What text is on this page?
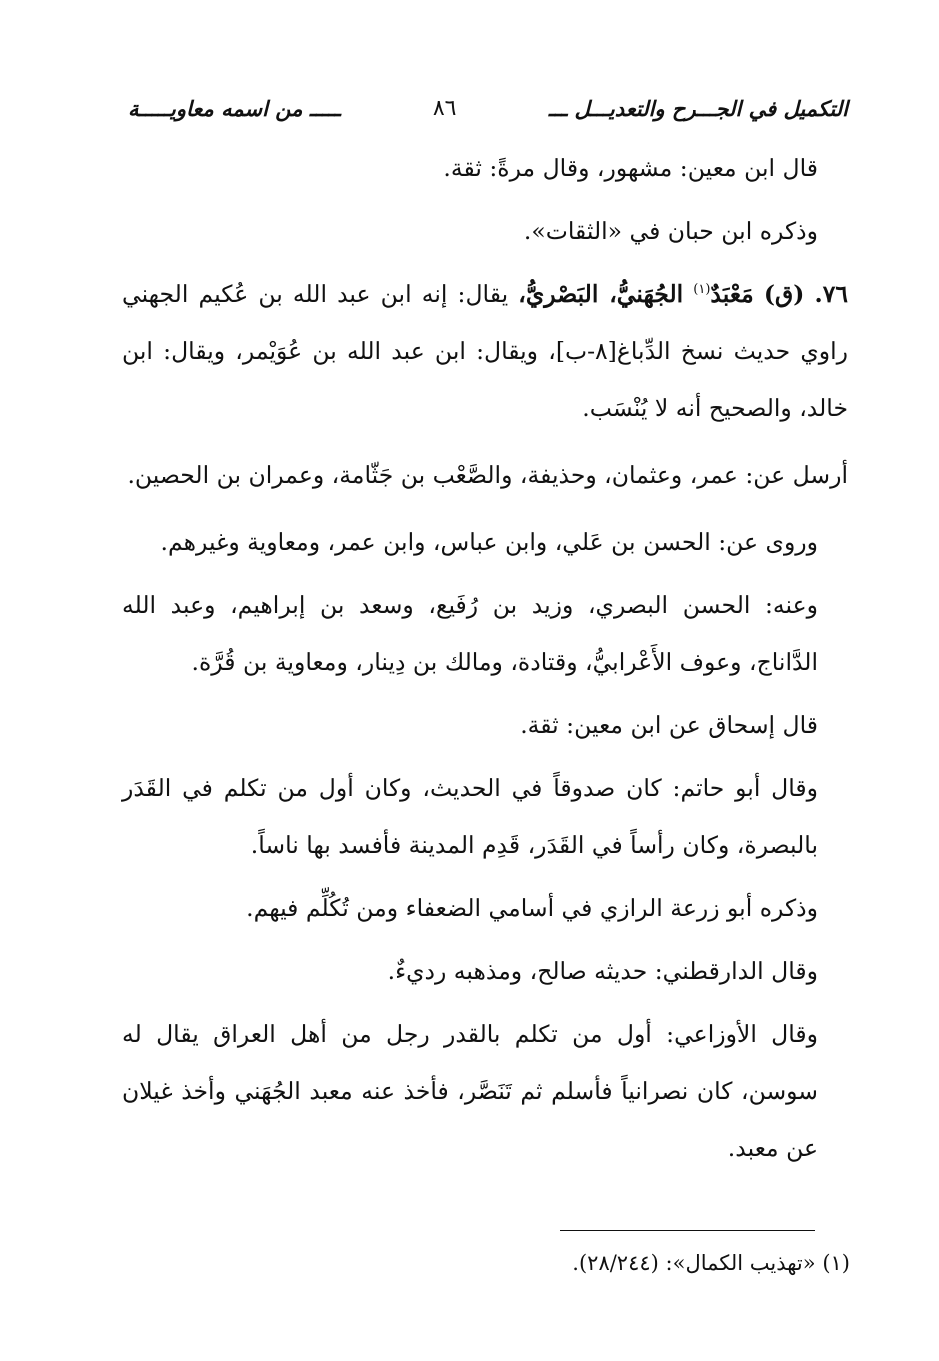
التكميل في الجـــرح والتعديـــل ـــ
٨٦
ـــــ من اسمه معاويـــــة

قال ابن معين: مشهور، وقال مرةً: ثقة.

وذكره ابن حبان في «الثقات».

٧٦. (ق) مَعْبَدٌ$^{(١)}$ الجُهَنيُّ، البَصْريُّ، يقال: إنه ابن عبد الله بن عُكيم الجهني راوي حديث نسخ الدِّباغ[٨-ب]، ويقال: ابن عبد الله بن عُوَيْمر، ويقال: ابن خالد، والصحيح أنه لا يُنْسَب.

أرسل عن: عمر، وعثمان، وحذيفة، والصَّعْب بن جَثّامة، وعمران بن الحصين.

وروى عن: الحسن بن عَلي، وابن عباس، وابن عمر، ومعاوية وغيرهم.

وعنه: الحسن البصري، وزيد بن رُفَيع، وسعد بن إبراهيم، وعبد الله الدَّاناج، وعوف الأَعْرابيُّ، وقتادة، ومالك بن دِينار، ومعاوية بن قُرَّة.

قال إسحاق عن ابن معين: ثقة.

وقال أبو حاتم: كان صدوقاً في الحديث، وكان أول من تكلم في القَدَر بالبصرة، وكان رأساً في القَدَر، قَدِم المدينة فأفسد بها ناساً.

وذكره أبو زرعة الرازي في أسامي الضعفاء ومن تُكُلِّم فيهم.

وقال الدارقطني: حديثه صالح، ومذهبه رديءٌ.

وقال الأوزاعي: أول من تكلم بالقدر رجل من أهل العراق يقال له سوسن، كان نصرانياً فأسلم ثم تَنَصَّر، فأخذ عنه معبد الجُهَني وأخذ غيلان عن معبد.

(١) «تهذيب الكمال»: (٢٨/٢٤٤).
